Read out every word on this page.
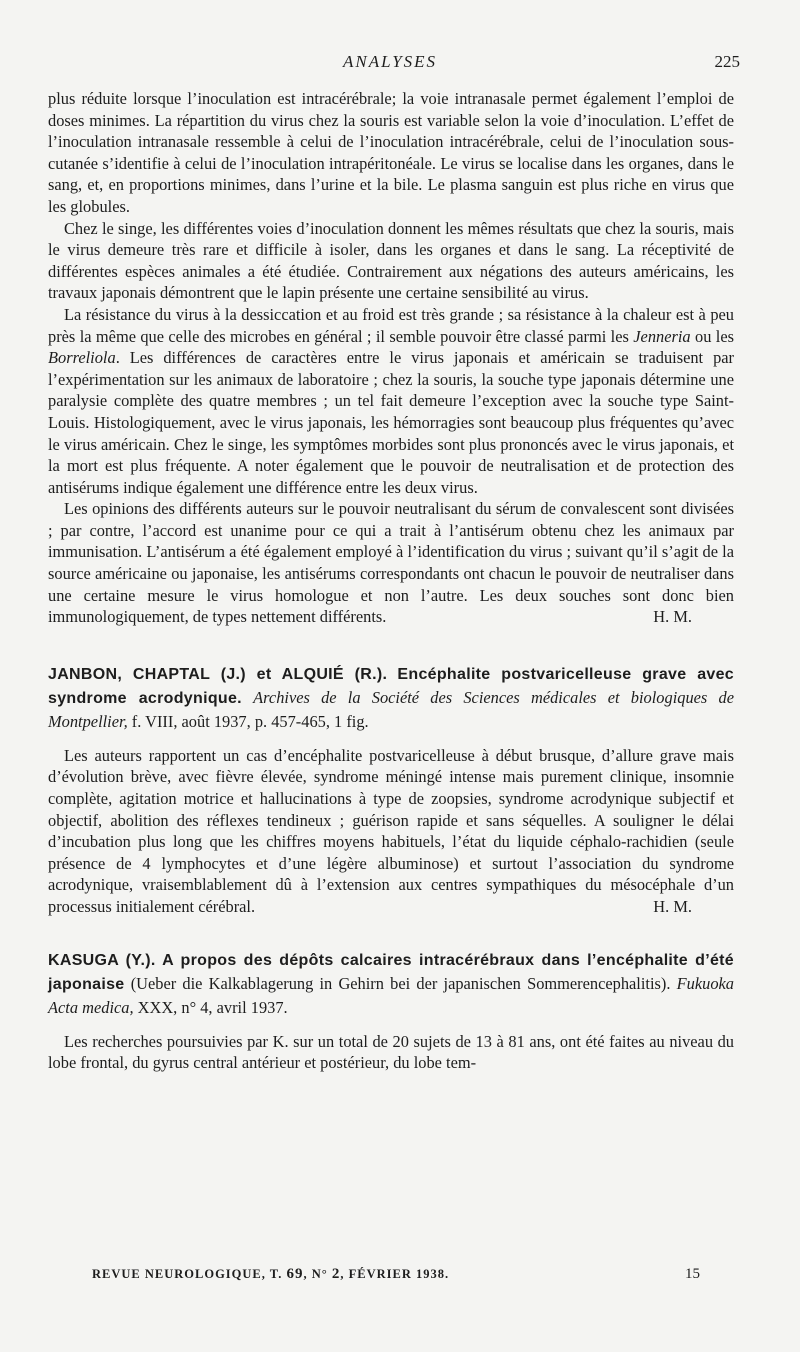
ANALYSES	225

plus réduite lorsque l’inoculation est intracérébrale; la voie intranasale permet également l’emploi de doses minimes. La répartition du virus chez la souris est variable selon la voie d’inoculation. L’effet de l’inoculation intranasale ressemble à celui de l’inoculation intracérébrale, celui de l’inoculation sous-cutanée s’identifie à celui de l’inoculation intrapéritonéale. Le virus se localise dans les organes, dans le sang, et, en proportions minimes, dans l’urine et la bile. Le plasma sanguin est plus riche en virus que les globules.

Chez le singe, les différentes voies d’inoculation donnent les mêmes résultats que chez la souris, mais le virus demeure très rare et difficile à isoler, dans les organes et dans le sang. La réceptivité de différentes espèces animales a été étudiée. Contrairement aux négations des auteurs américains, les travaux japonais démontrent que le lapin présente une certaine sensibilité au virus.

La résistance du virus à la dessiccation et au froid est très grande ; sa résistance à la chaleur est à peu près la même que celle des microbes en général ; il semble pouvoir être classé parmi les Jenneria ou les Borreliola. Les différences de caractères entre le virus japonais et américain se traduisent par l’expérimentation sur les animaux de laboratoire ; chez la souris, la souche type japonais détermine une paralysie complète des quatre membres ; un tel fait demeure l’exception avec la souche type Saint-Louis. Histologiquement, avec le virus japonais, les hémorragies sont beaucoup plus fréquentes qu’avec le virus américain. Chez le singe, les symptômes morbides sont plus prononcés avec le virus japonais, et la mort est plus fréquente. A noter également que le pouvoir de neutralisation et de protection des antisérums indique également une différence entre les deux virus.

Les opinions des différents auteurs sur le pouvoir neutralisant du sérum de convalescent sont divisées ; par contre, l’accord est unanime pour ce qui a trait à l’antisérum obtenu chez les animaux par immunisation. L’antisérum a été également employé à l’identification du virus ; suivant qu’il s’agit de la source américaine ou japonaise, les antisérums correspondants ont chacun le pouvoir de neutraliser dans une certaine mesure le virus homologue et non l’autre. Les deux souches sont donc bien immunologiquement, de types nettement différents.	H. M.

JANBON, CHAPTAL (J.) et ALQUIÉ (R.). Encéphalite postvaricelleuse grave avec syndrome acrodynique. Archives de la Société des Sciences médicales et biologiques de Montpellier, f. VIII, août 1937, p. 457-465, 1 fig.

Les auteurs rapportent un cas d’encéphalite postvaricelleuse à début brusque, d’allure grave mais d’évolution brève, avec fièvre élevée, syndrome méningé intense mais purement clinique, insomnie complète, agitation motrice et hallucinations à type de zoopsies, syndrome acrodynique subjectif et objectif, abolition des réflexes tendineux ; guérison rapide et sans séquelles. A souligner le délai d’incubation plus long que les chiffres moyens habituels, l’état du liquide céphalo-rachidien (seule présence de 4 lymphocytes et d’une légère albuminose) et surtout l’association du syndrome acrodynique, vraisemblablement dû à l’extension aux centres sympathiques du mésocéphale d’un processus initialement cérébral.	H. M.

KASUGA (Y.). A propos des dépôts calcaires intracérébraux dans l’encéphalite d’été japonaise (Ueber die Kalkablagerung in Gehirn bei der japanischen Sommerencephalitis). Fukuoka Acta medica, XXX, n° 4, avril 1937.

Les recherches poursuivies par K. sur un total de 20 sujets de 13 à 81 ans, ont été faites au niveau du lobe frontal, du gyrus central antérieur et postérieur, du lobe tem-

REVUE NEUROLOGIQUE, T. 69, N° 2, FÉVRIER 1938.	15
